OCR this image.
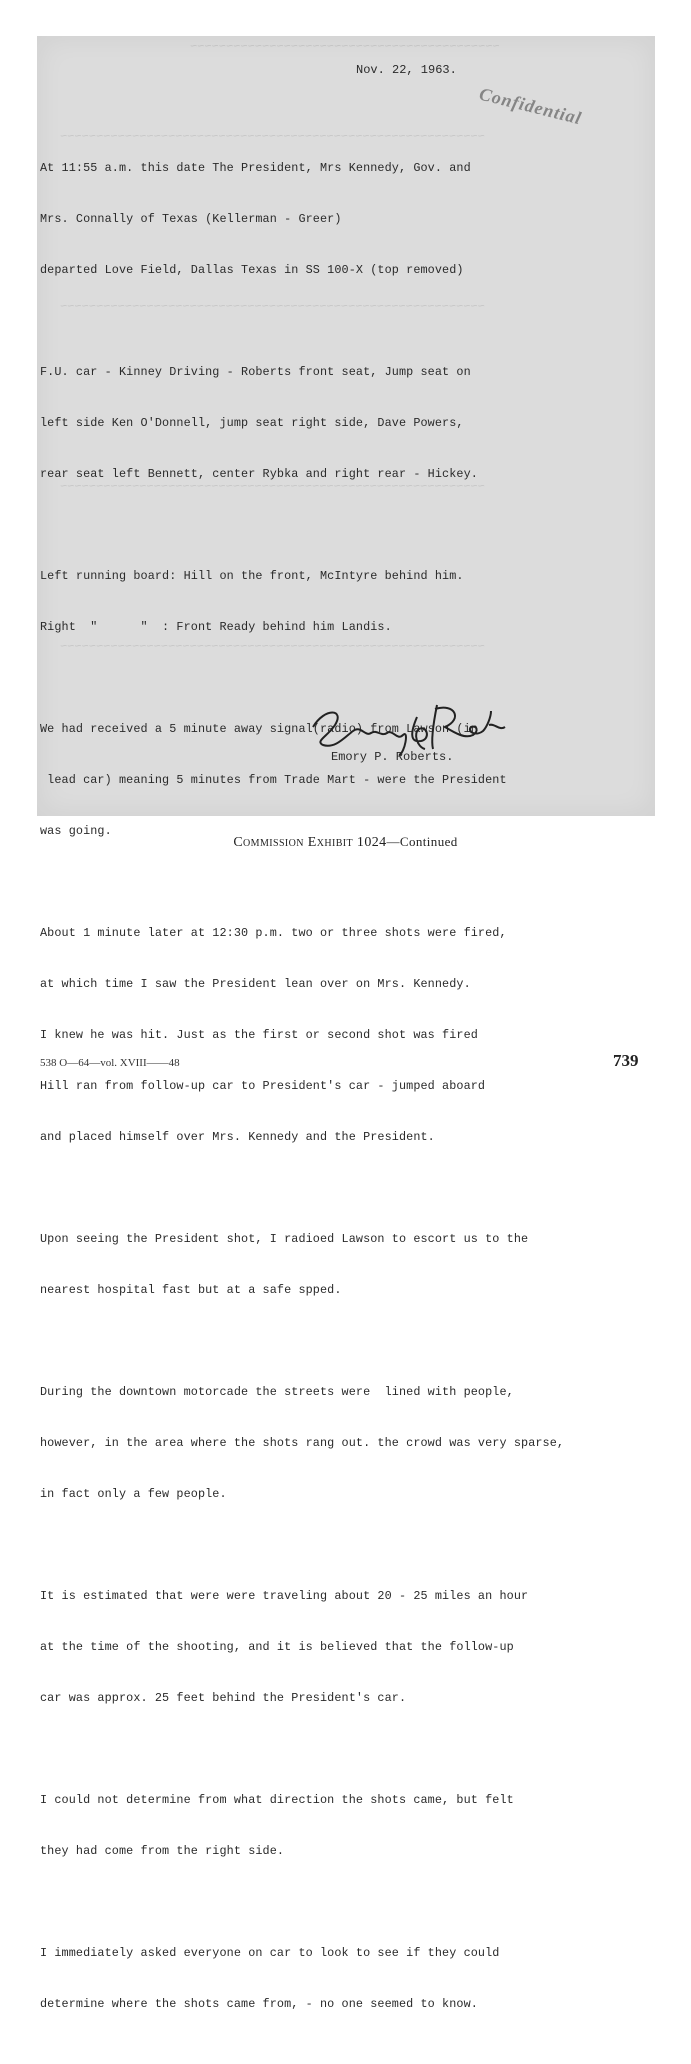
Nov. 22, 1963.
Confidential

At 11:55 a.m. this date The President, Mrs Kennedy, Gov. and

Mrs. Connally of Texas (Kellerman - Greer)

departed Love Field, Dallas Texas in SS 100-X (top removed)

F.U. car - Kinney Driving - Roberts front seat, Jump seat on

left side Ken O'Donnell, jump seat right side, Dave Powers,

rear seat left Bennett, center Rybka and right rear - Hickey.

Left running board: Hill on the front, McIntyre behind him.

Right  "      "  : Front Ready behind him Landis.

We had received a 5 minute away signal(radio) from Lawson (in

lead car) meaning 5 minutes from Trade Mart - were the President

was going.

About 1 minute later at 12:30 p.m. two or three shots were fired,

at which time I saw the President lean over on Mrs. Kennedy.

I knew he was hit. Just as the first or second shot was fired

Hill ran from follow-up car to President's car - jumped aboard

and placed himself over Mrs. Kennedy and the President.

Upon seeing the President shot, I radioed Lawson to escort us to the

nearest hospital fast but at a safe spped.

During the downtown motorcade the streets were  lined with people,

however, in the area where the shots rang out. the crowd was very sparse,

in fact only a few people.

It is estimated that were were traveling about 20 - 25 miles an hour

at the time of the shooting, and it is believed that the follow-up

car was approx. 25 feet behind the President's car.

I could not determine from what direction the shots came, but felt

they had come from the right side.

I immediately asked everyone on car to look to see if they could

determine where the shots came from, - no one seemed to know.

Emory P. Roberts.
Commission Exhibit 1024—Continued
538 O—64—vol. XVIII——48	739
